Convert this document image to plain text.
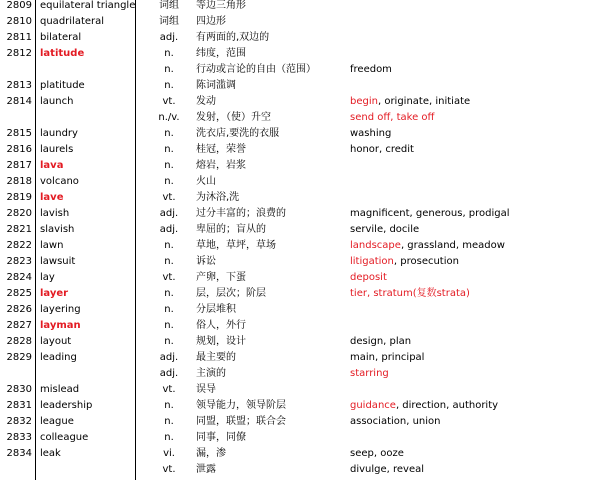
2809 equilateral triangle	词组	等边三角形
2810 quadrilateral	词组	四边形
2811 bilateral	adj.	有两面的,双边的
2812 latitude	n.	纬度，范围
n.	行动或言论的自由（范围）	freedom
2813 platitude	n.	陈词滥调
2814 launch	vt.	发动	begin, originate, initiate
n./v.	发射，（使）升空	send off, take off
2815 laundry	n.	洗衣店,要洗的衣服	washing
2816 laurels	n.	桂冠，荣誉	honor, credit
2817 lava	n.	熔岩，岩浆
2818 volcano	n.	火山
2819 lave	vt.	为沐浴,洗
2820 lavish	adj.	过分丰富的；浪费的	magnificent, generous, prodigal
2821 slavish	adj.	卑屈的；盲从的	servile, docile
2822 lawn	n.	草地，草坪，草场	landscape, grassland, meadow
2823 lawsuit	n.	诉讼	litigation, prosecution
2824 lay	vt.	产卵，下蛋	deposit
2825 layer	n.	层，层次；阶层	tier, stratum(复数strata)
2826 layering	n.	分层堆积
2827 layman	n.	俗人，外行
2828 layout	n.	规划，设计	design, plan
2829 leading	adj.	最主要的	main, principal
adj.	主演的	starring
2830 mislead	vt.	误导
2831 leadership	n.	领导能力，领导阶层	guidance, direction, authority
2832 league	n.	同盟，联盟；联合会	association, union
2833 colleague	n.	同事，同僚
2834 leak	vi.	漏，渗	seep, ooze
vt.	泄露	divulge, reveal
